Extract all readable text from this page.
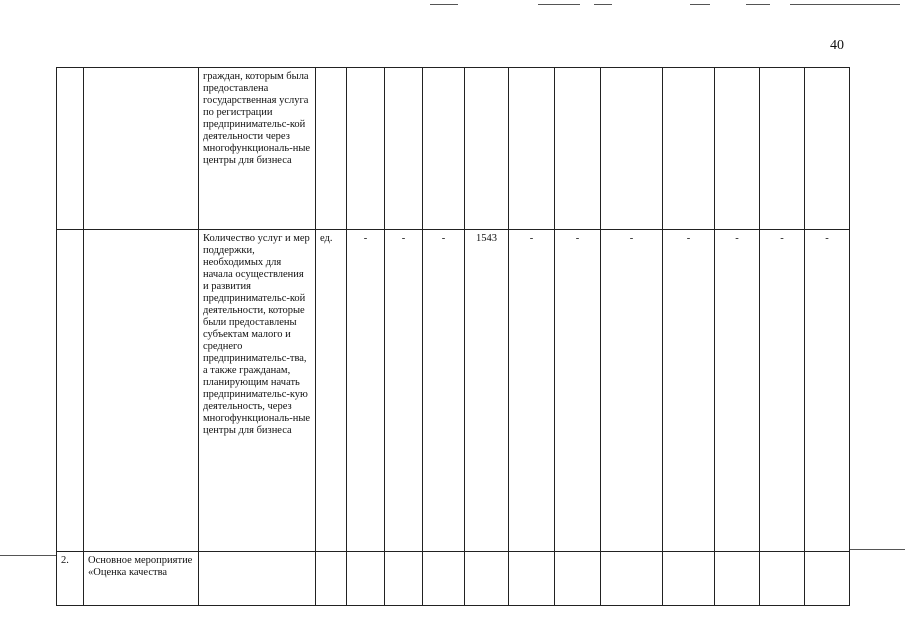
40
		граждан, которым была предоставлена государственная услуга по регистрации предпринимательс-кой деятельности через многофункциональ-ные центры для бизнеса												
		Количество услуг и мер поддержки, необходимых для начала осуществления и развития предпринимательс-кой деятельности, которые были предоставлены субъектам малого и среднего предпринимательс-тва, а также гражданам, планирующим начать предпринимательс-кую деятельность, через многофункциональ-ные центры для бизнеса	ед.	-	-	-	1543	-	-	-	-	-	-	-
2.	Основное мероприятие «Оценка качества													
